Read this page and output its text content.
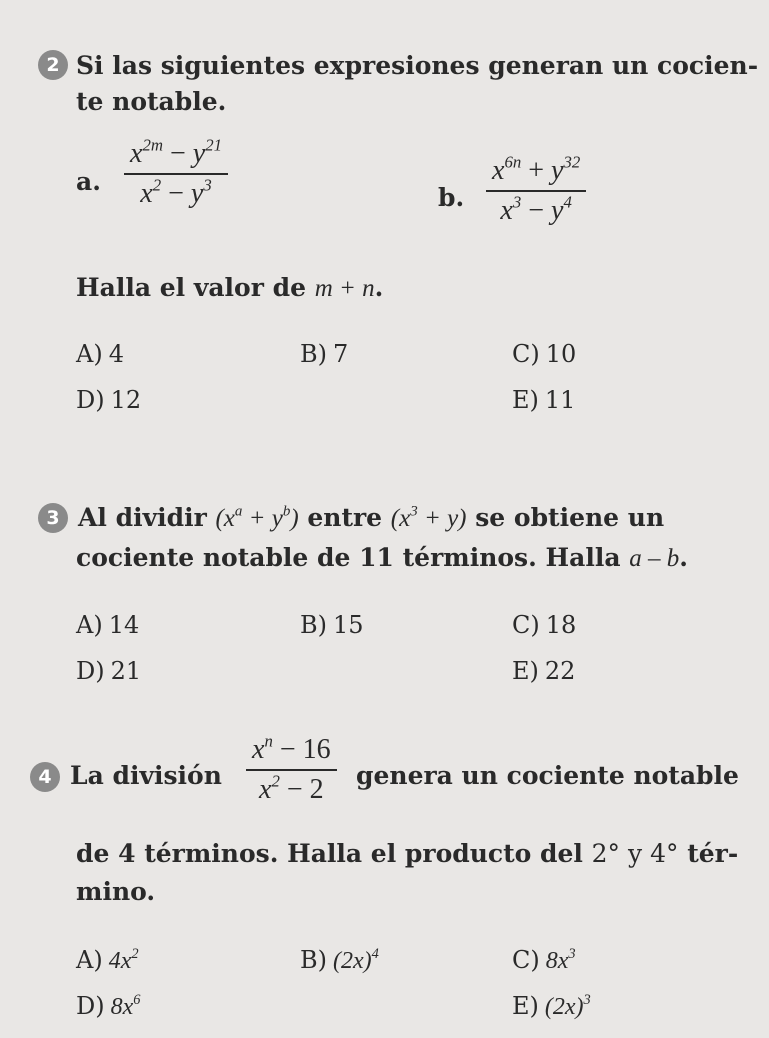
2 Si las siguientes expresiones generan un cocien-
te notable.
a.
$x^{2m} - y^{21}$
$x^2 - y^3$	b.
$x^{6n} + y^{32}$
$x^3 - y^4$
Halla el valor de m + n.
A) 4	B) 7	C) 10
D) 12	E) 11
3 Al dividir $(x^a + y^b)$ entre $(x^3 + y)$ se obtiene un
cociente notable de 11 términos. Halla a – b.
A) 14	B) 15	C) 18
D) 21	E) 22
4 La división
$x^n - 16$
$x^2 - 2$ genera un cociente notable
de 4 términos. Halla el producto del 2° y 4° tér-
mino.
A) $4x^2$	B) $(2x)^4$	C) $8x^3$
D) $8x^6$	E) $(2x)^3$
